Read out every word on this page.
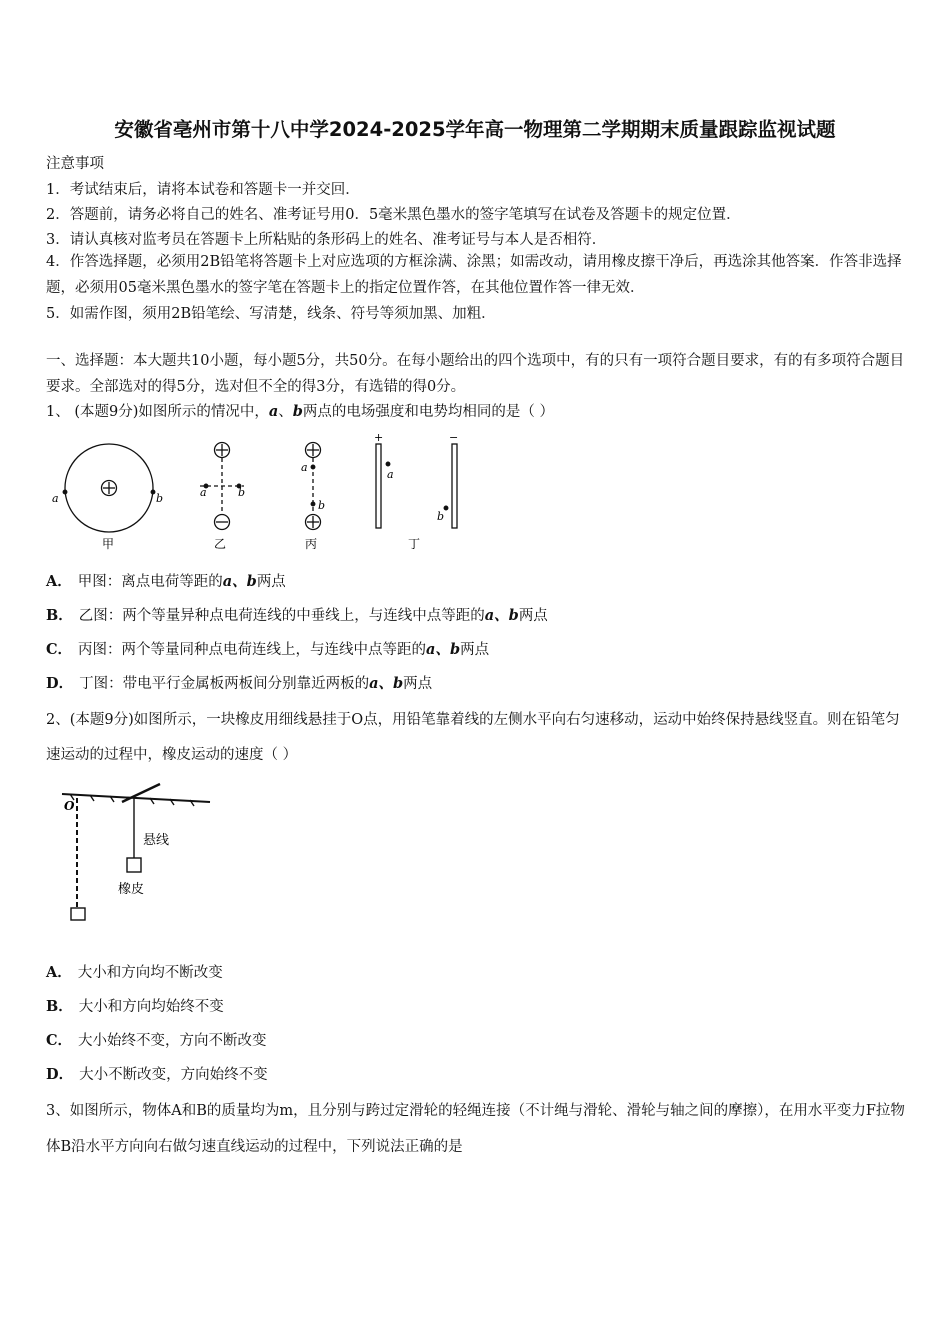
安徽省亳州市第十八中学2024-2025学年高一物理第二学期期末质量跟踪监视试题
注意事项
1．考试结束后，请将本试卷和答题卡一并交回．
2．答题前，请务必将自己的姓名、准考证号用0．5毫米黑色墨水的签字笔填写在试卷及答题卡的规定位置．
3．请认真核对监考员在答题卡上所粘贴的条形码上的姓名、准考证号与本人是否相符．
4．作答选择题，必须用2B铅笔将答题卡上对应选项的方框涂满、涂黑；如需改动，请用橡皮擦干净后，再选涂其他答案．作答非选择题，必须用05毫米黑色墨水的签字笔在答题卡上的指定位置作答，在其他位置作答一律无效．
5．如需作图，须用2B铅笔绘、写清楚，线条、符号等须加黑、加粗．
一、选择题：本大题共10小题，每小题5分，共50分。在每小题给出的四个选项中，有的只有一项符合题目要求，有的有多项符合题目要求。全部选对的得5分，选对但不全的得3分，有选错的得0分。
1、 (本题9分)如图所示的情况中，a、b两点的电场强度和电势均相同的是（ ）
a	b
甲
a	b
乙
a
b
丙
+	−
a
b
丁
A． 甲图：离点电荷等距的a、b两点
B． 乙图：两个等量异种点电荷连线的中垂线上，与连线中点等距的a、b两点
C． 丙图：两个等量同种点电荷连线上，与连线中点等距的a、b两点
D． 丁图：带电平行金属板两板间分别靠近两板的a、b两点
2、(本题9分)如图所示，一块橡皮用细线悬挂于O点，用铅笔靠着线的左侧水平向右匀速移动，运动中始终保持悬线竖直。则在铅笔匀速运动的过程中，橡皮运动的速度（ ）
O
悬线
橡皮
A． 大小和方向均不断改变
B． 大小和方向均始终不变
C． 大小始终不变，方向不断改变
D． 大小不断改变，方向始终不变
3、如图所示，物体A和B的质量均为m，且分别与跨过定滑轮的轻绳连接（不计绳与滑轮、滑轮与轴之间的摩擦），在用水平变力F拉物体B沿水平方向向右做匀速直线运动的过程中，下列说法正确的是
